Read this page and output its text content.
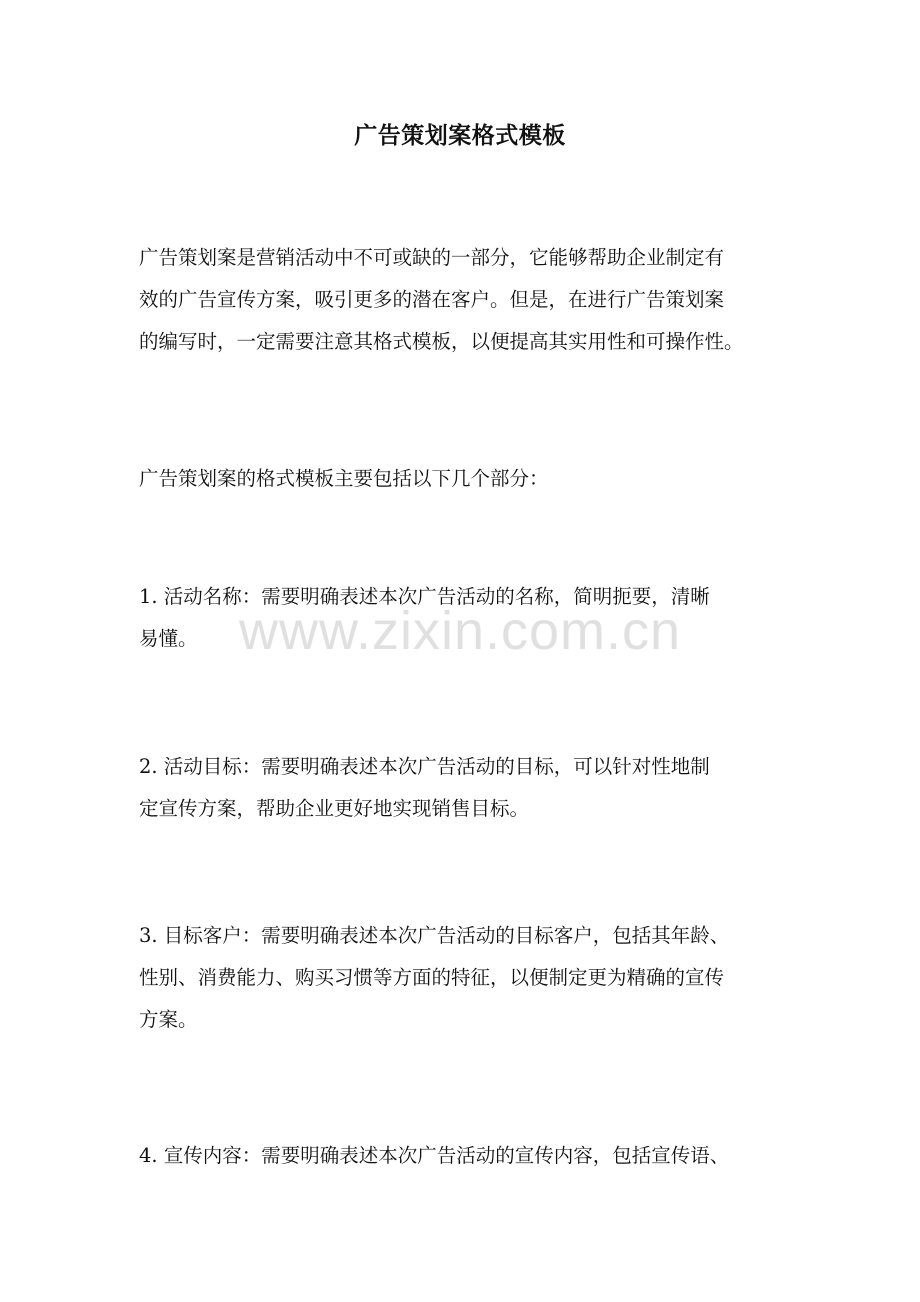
广告策划案格式模板
广告策划案是营销活动中不可或缺的一部分，它能够帮助企业制定有
效的广告宣传方案，吸引更多的潜在客户。但是，在进行广告策划案
的编写时，一定需要注意其格式模板，以便提高其实用性和可操作性。
广告策划案的格式模板主要包括以下几个部分：
1. 活动名称：需要明确表述本次广告活动的名称，简明扼要，清晰
易懂。
2. 活动目标：需要明确表述本次广告活动的目标，可以针对性地制
定宣传方案，帮助企业更好地实现销售目标。
3. 目标客户：需要明确表述本次广告活动的目标客户，包括其年龄、
性别、消费能力、购买习惯等方面的特征，以便制定更为精确的宣传
方案。
4. 宣传内容：需要明确表述本次广告活动的宣传内容，包括宣传语、
www.zixin.com.cn
